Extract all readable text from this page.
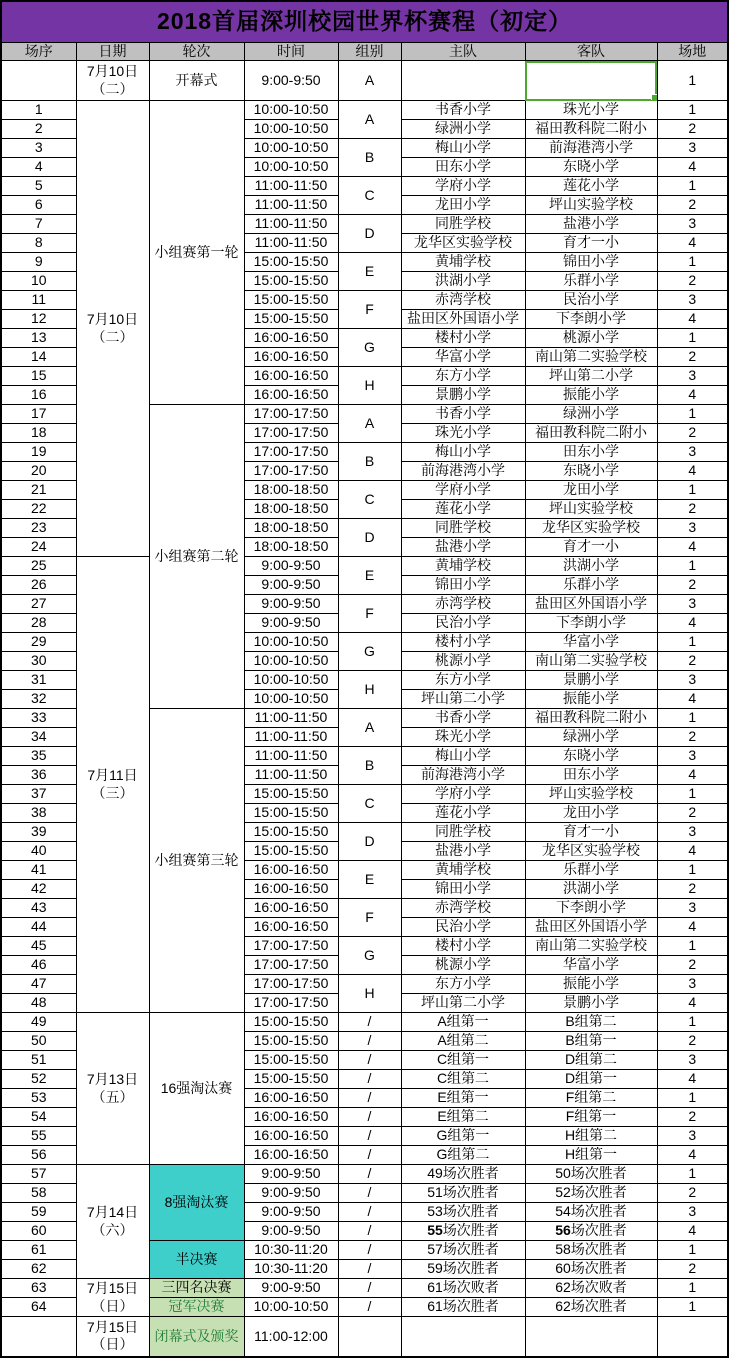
2018首届深圳校园世界杯赛程（初定）							
场序	日期	轮次	时间	组别	主队	客队	场地
	7月10日（二）	开幕式	9:00-9:50	A			1
1	7月10日（二）	小组赛第一轮	10:00-10:50	A	书香小学	珠光小学	1
2			10:00-10:50		绿洲小学	福田教科院二附小	2
3			10:00-10:50	B	梅山小学	前海港湾小学	3
4			10:00-10:50		田东小学	东晓小学	4
5			11:00-11:50	C	学府小学	莲花小学	1
6			11:00-11:50		龙田小学	坪山实验学校	2
7			11:00-11:50	D	同胜学校	盐港小学	3
8			11:00-11:50		龙华区实验学校	育才一小	4
9			15:00-15:50	E	黄埔学校	锦田小学	1
10			15:00-15:50		洪湖小学	乐群小学	2
11			15:00-15:50	F	赤湾学校	民治小学	3
12			15:00-15:50		盐田区外国语小学	下李朗小学	4
13			16:00-16:50	G	楼村小学	桃源小学	1
14			16:00-16:50		华富小学	南山第二实验学校	2
15			16:00-16:50	H	东方小学	坪山第二小学	3
16			16:00-16:50		景鹏小学	振能小学	4
17		小组赛第二轮	17:00-17:50	A	书香小学	绿洲小学	1
18			17:00-17:50		珠光小学	福田教科院二附小	2
19			17:00-17:50	B	梅山小学	田东小学	3
20			17:00-17:50		前海港湾小学	东晓小学	4
21			18:00-18:50	C	学府小学	龙田小学	1
22			18:00-18:50		莲花小学	坪山实验学校	2
23			18:00-18:50	D	同胜学校	龙华区实验学校	3
24			18:00-18:50		盐港小学	育才一小	4
25	7月11日（三）		9:00-9:50	E	黄埔学校	洪湖小学	1
26			9:00-9:50		锦田小学	乐群小学	2
27			9:00-9:50	F	赤湾学校	盐田区外国语小学	3
28			9:00-9:50		民治小学	下李朗小学	4
29			10:00-10:50	G	楼村小学	华富小学	1
30			10:00-10:50		桃源小学	南山第二实验学校	2
31			10:00-10:50	H	东方小学	景鹏小学	3
32			10:00-10:50		坪山第二小学	振能小学	4
33		小组赛第三轮	11:00-11:50	A	书香小学	福田教科院二附小	1
34			11:00-11:50		珠光小学	绿洲小学	2
35			11:00-11:50	B	梅山小学	东晓小学	3
36			11:00-11:50		前海港湾小学	田东小学	4
37			15:00-15:50	C	学府小学	坪山实验学校	1
38			15:00-15:50		莲花小学	龙田小学	2
39			15:00-15:50	D	同胜学校	育才一小	3
40			15:00-15:50		盐港小学	龙华区实验学校	4
41			16:00-16:50	E	黄埔学校	乐群小学	1
42			16:00-16:50		锦田小学	洪湖小学	2
43			16:00-16:50	F	赤湾学校	下李朗小学	3
44			16:00-16:50		民治小学	盐田区外国语小学	4
45			17:00-17:50	G	楼村小学	南山第二实验学校	1
46			17:00-17:50		桃源小学	华富小学	2
47			17:00-17:50	H	东方小学	振能小学	3
48			17:00-17:50		坪山第二小学	景鹏小学	4
49	7月13日（五）	16强淘汰赛	15:00-15:50	/	A组第一	B组第二	1
50			15:00-15:50	/	A组第二	B组第一	2
51			15:00-15:50	/	C组第一	D组第二	3
52			15:00-15:50	/	C组第二	D组第一	4
53			16:00-16:50	/	E组第一	F组第二	1
54			16:00-16:50	/	E组第二	F组第一	2
55			16:00-16:50	/	G组第一	H组第二	3
56			16:00-16:50	/	G组第二	H组第一	4
57	7月14日（六）	8强淘汰赛	9:00-9:50	/	49场次胜者	50场次胜者	1
58			9:00-9:50	/	51场次胜者	52场次胜者	2
59			9:00-9:50	/	53场次胜者	54场次胜者	3
60			9:00-9:50	/	55场次胜者	56场次胜者	4
61		半决赛	10:30-11:20	/	57场次胜者	58场次胜者	1
62			10:30-11:20	/	59场次胜者	60场次胜者	2
63	7月15日（日）	三四名决赛	9:00-9:50	/	61场次败者	62场次败者	1
64		冠军决赛	10:00-10:50	/	61场次胜者	62场次胜者	1
	7月15日（日）	闭幕式及颁奖	11:00-12:00				
